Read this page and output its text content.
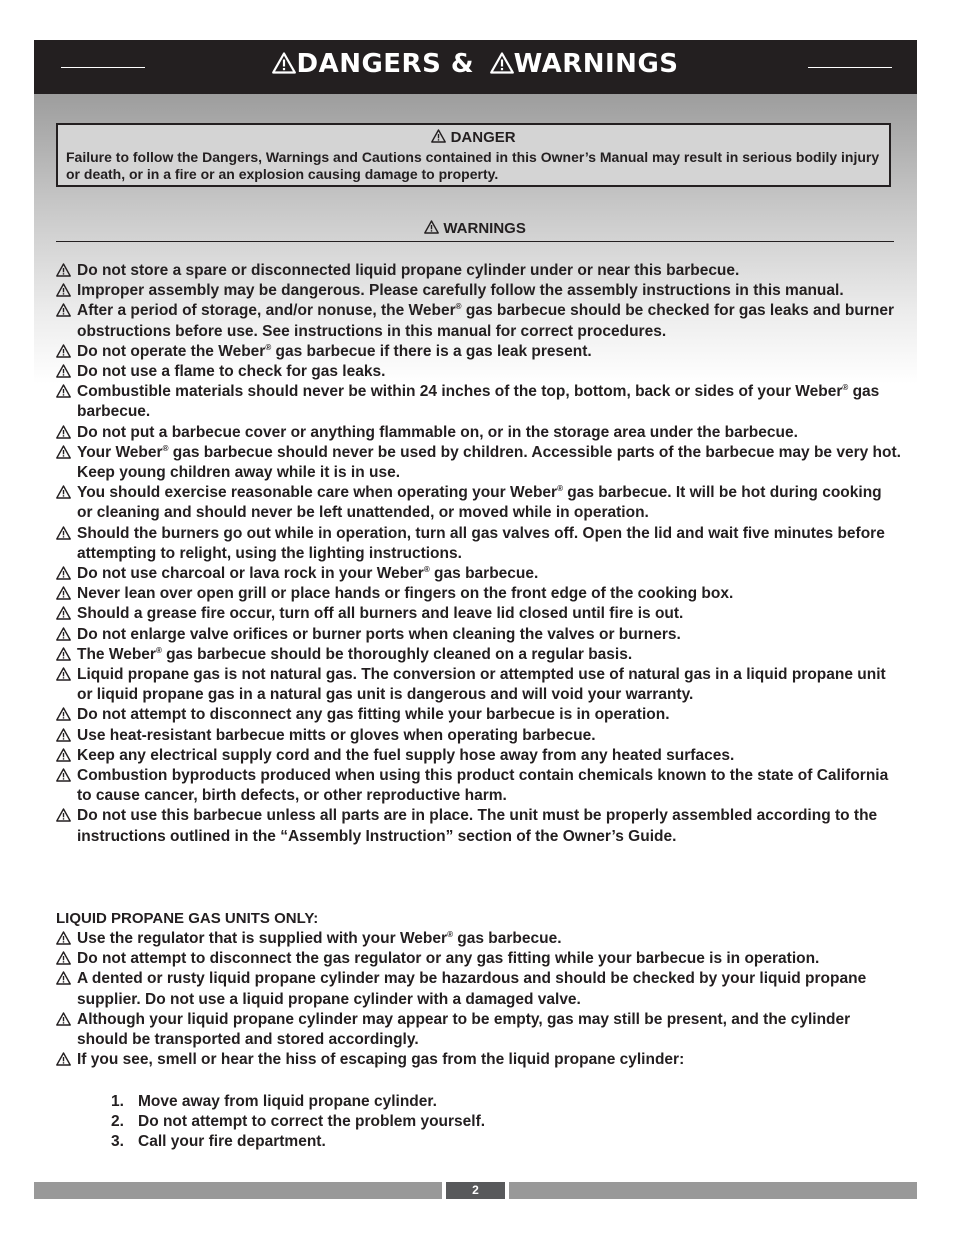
DANGERS & WARNINGS
DANGER
Failure to follow the Dangers, Warnings and Cautions contained in this Owner’s Manual may result in serious bodily injury or death, or in a fire or an explosion causing damage to property.
WARNINGS
Do not store a spare or disconnected liquid propane cylinder under or near this barbecue.
Improper assembly may be dangerous. Please carefully follow the assembly instructions in this manual.
After a period of storage, and/or nonuse, the Weber® gas barbecue should be checked for gas leaks and burner obstructions before use. See instructions in this manual for correct procedures.
Do not operate the Weber® gas barbecue if there is a gas leak present.
Do not use a flame to check for gas leaks.
Combustible materials should never be within 24 inches of the top, bottom, back or sides of your Weber® gas barbecue.
Do not put a barbecue cover or anything flammable on, or in the storage area under the barbecue.
Your Weber® gas barbecue should never be used by children. Accessible parts of the barbecue may be very hot. Keep young children away while it is in use.
You should exercise reasonable care when operating your Weber® gas barbecue. It will be hot during cooking or cleaning and should never be left unattended, or moved while in operation.
Should the burners go out while in operation, turn all gas valves off. Open the lid and wait five minutes before attempting to relight, using the lighting instructions.
Do not use charcoal or lava rock in your Weber® gas barbecue.
Never lean over open grill or place hands or fingers on the front edge of the cooking box.
Should a grease fire occur, turn off all burners and leave lid closed until fire is out.
Do not enlarge valve orifices or burner ports when cleaning the valves or burners.
The Weber® gas barbecue should be thoroughly cleaned on a regular basis.
Liquid propane gas is not natural gas. The conversion or attempted use of natural gas in a liquid propane unit or liquid propane gas in a natural gas unit is dangerous and will void your warranty.
Do not attempt to disconnect any gas fitting while your barbecue is in operation.
Use heat-resistant barbecue mitts or gloves when operating barbecue.
Keep any electrical supply cord and the fuel supply hose away from any heated surfaces.
Combustion byproducts produced when using this product contain chemicals known to the state of California to cause cancer, birth defects, or other reproductive harm.
Do not use this barbecue unless all parts are in place. The unit must be properly assembled according to the instructions outlined in the “Assembly Instruction” section of the Owner’s Guide.
LIQUID PROPANE GAS UNITS ONLY:
Use the regulator that is supplied with your Weber® gas barbecue.
Do not attempt to disconnect the gas regulator or any gas fitting while your barbecue is in operation.
A dented or rusty liquid propane cylinder may be hazardous and should be checked by your liquid propane supplier. Do not use a liquid propane cylinder with a damaged valve.
Although your liquid propane cylinder may appear to be empty, gas may still be present, and the cylinder should be transported and stored accordingly.
If you see, smell or hear the hiss of escaping gas from the liquid propane cylinder:
1. Move away from liquid propane cylinder.
2. Do not attempt to correct the problem yourself.
3. Call your fire department.
2
